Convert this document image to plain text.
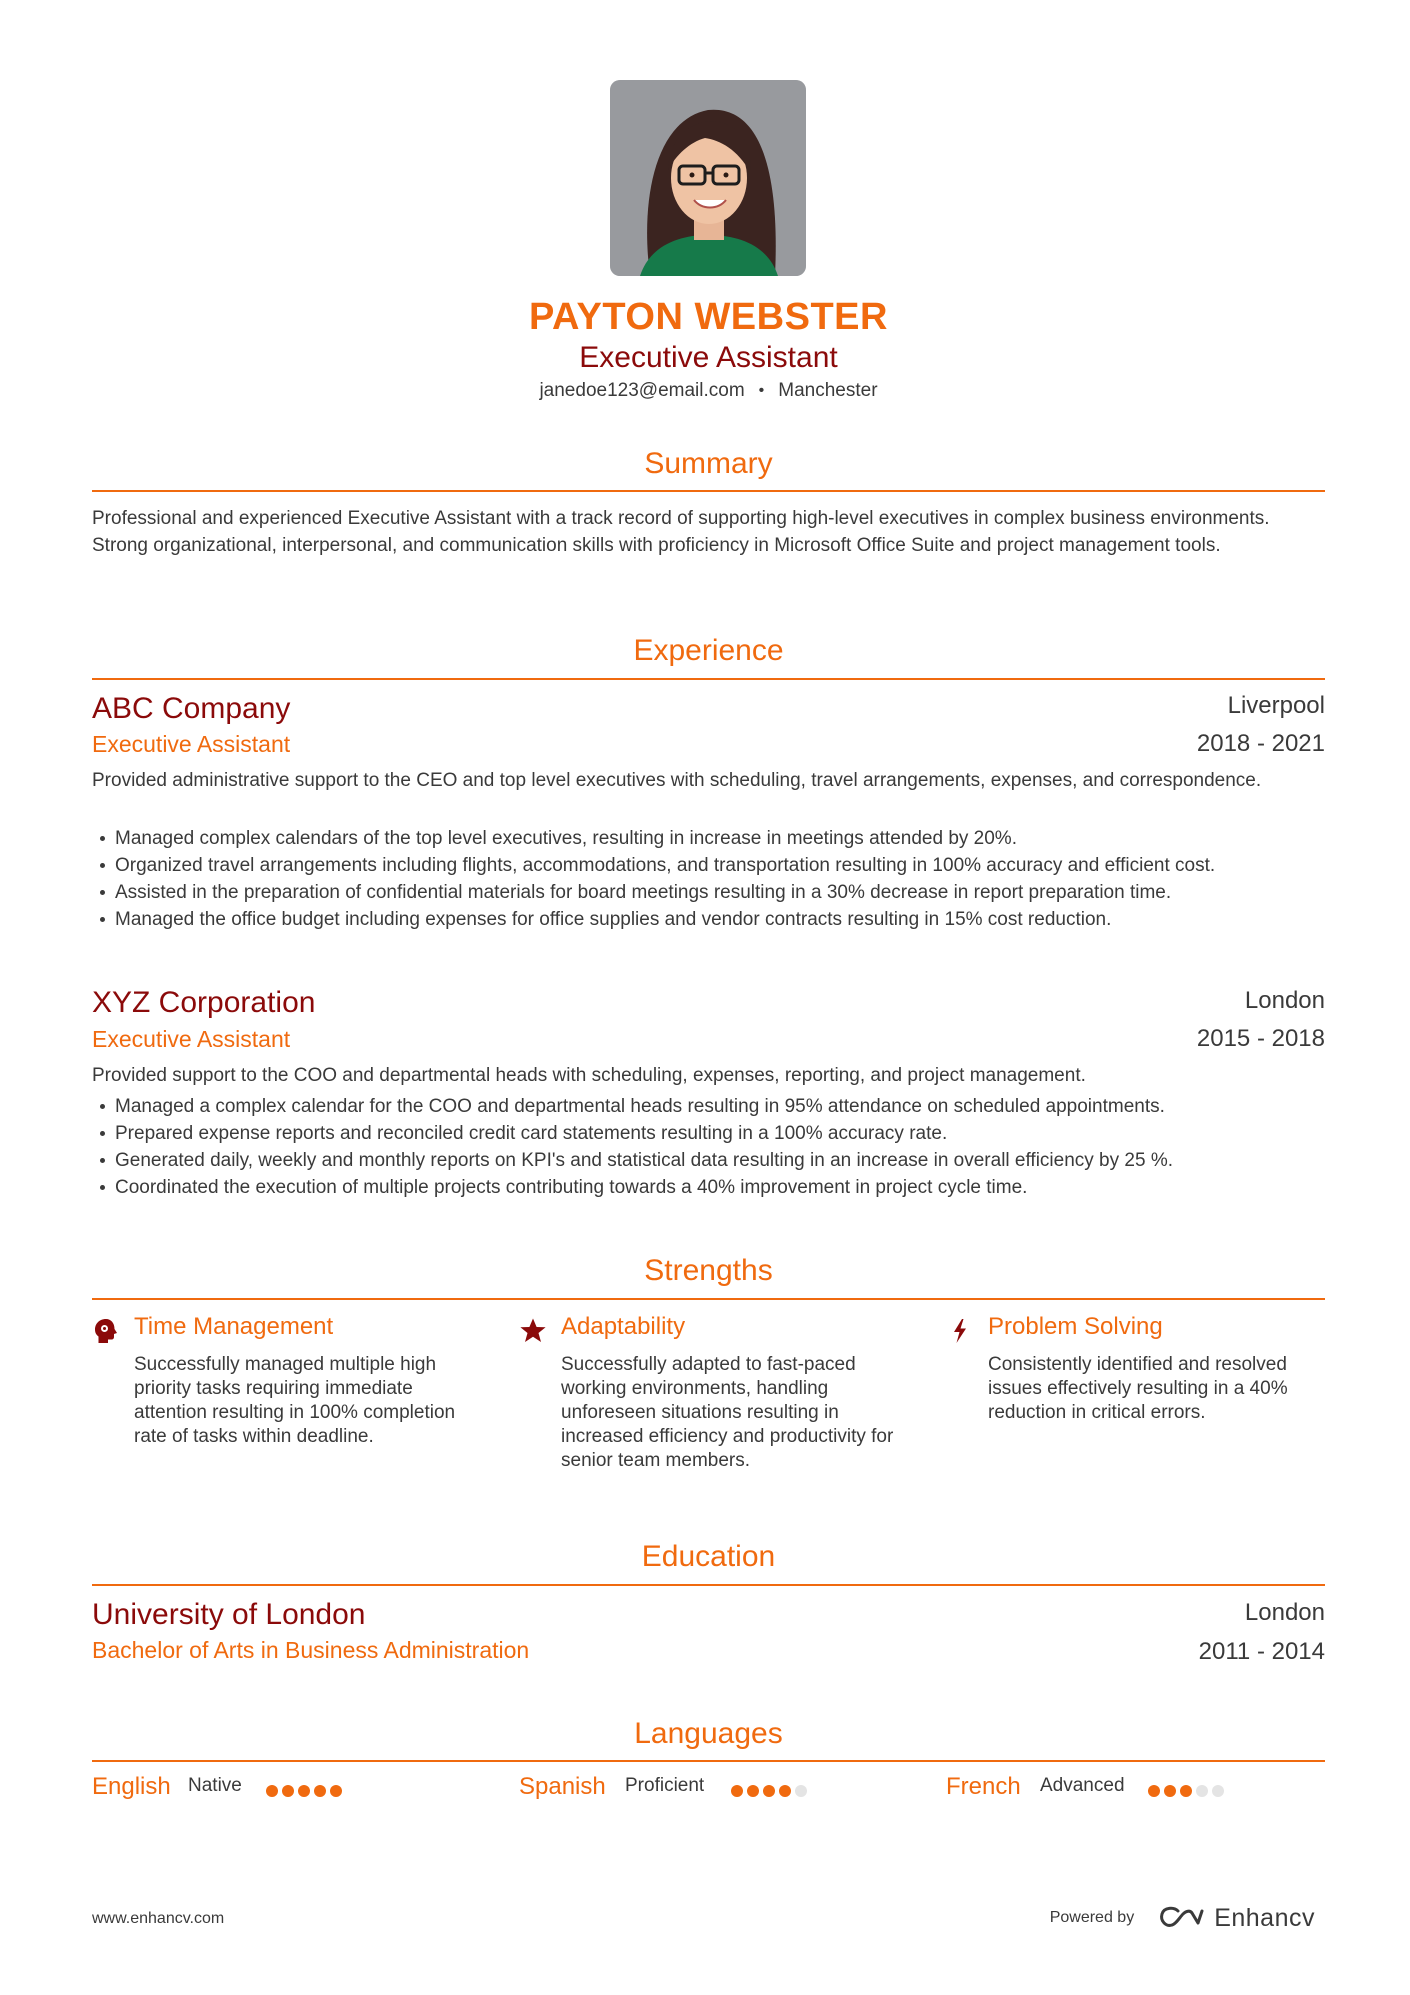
PAYTON WEBSTER
Executive Assistant
janedoe123@email.com • Manchester
Summary
Professional and experienced Executive Assistant with a track record of supporting high-level executives in complex business environments. Strong organizational, interpersonal, and communication skills with proficiency in Microsoft Office Suite and project management tools.
Experience
ABC Company	Liverpool
Executive Assistant	2018 - 2021
Provided administrative support to the CEO and top level executives with scheduling, travel arrangements, expenses, and correspondence.
Managed complex calendars of the top level executives, resulting in increase in meetings attended by 20%.
Organized travel arrangements including flights, accommodations, and transportation resulting in 100% accuracy and efficient cost.
Assisted in the preparation of confidential materials for board meetings resulting in a 30% decrease in report preparation time.
Managed the office budget including expenses for office supplies and vendor contracts resulting in 15% cost reduction.
XYZ Corporation	London
Executive Assistant	2015 - 2018
Provided support to the COO and departmental heads with scheduling, expenses, reporting, and project management.
Managed a complex calendar for the COO and departmental heads resulting in 95% attendance on scheduled appointments.
Prepared expense reports and reconciled credit card statements resulting in a 100% accuracy rate.
Generated daily, weekly and monthly reports on KPI's and statistical data resulting in an increase in overall efficiency by 25 %.
Coordinated the execution of multiple projects contributing towards a 40% improvement in project cycle time.
Strengths
Time Management
Successfully managed multiple high priority tasks requiring immediate attention resulting in 100% completion rate of tasks within deadline.
Adaptability
Successfully adapted to fast-paced working environments, handling unforeseen situations resulting in increased efficiency and productivity for senior team members.
Problem Solving
Consistently identified and resolved issues effectively resulting in a 40% reduction in critical errors.
Education
University of London	London
Bachelor of Arts in Business Administration	2011 - 2014
Languages
English Native	Spanish Proficient	French Advanced
www.enhancv.com	Powered by	Enhancv
